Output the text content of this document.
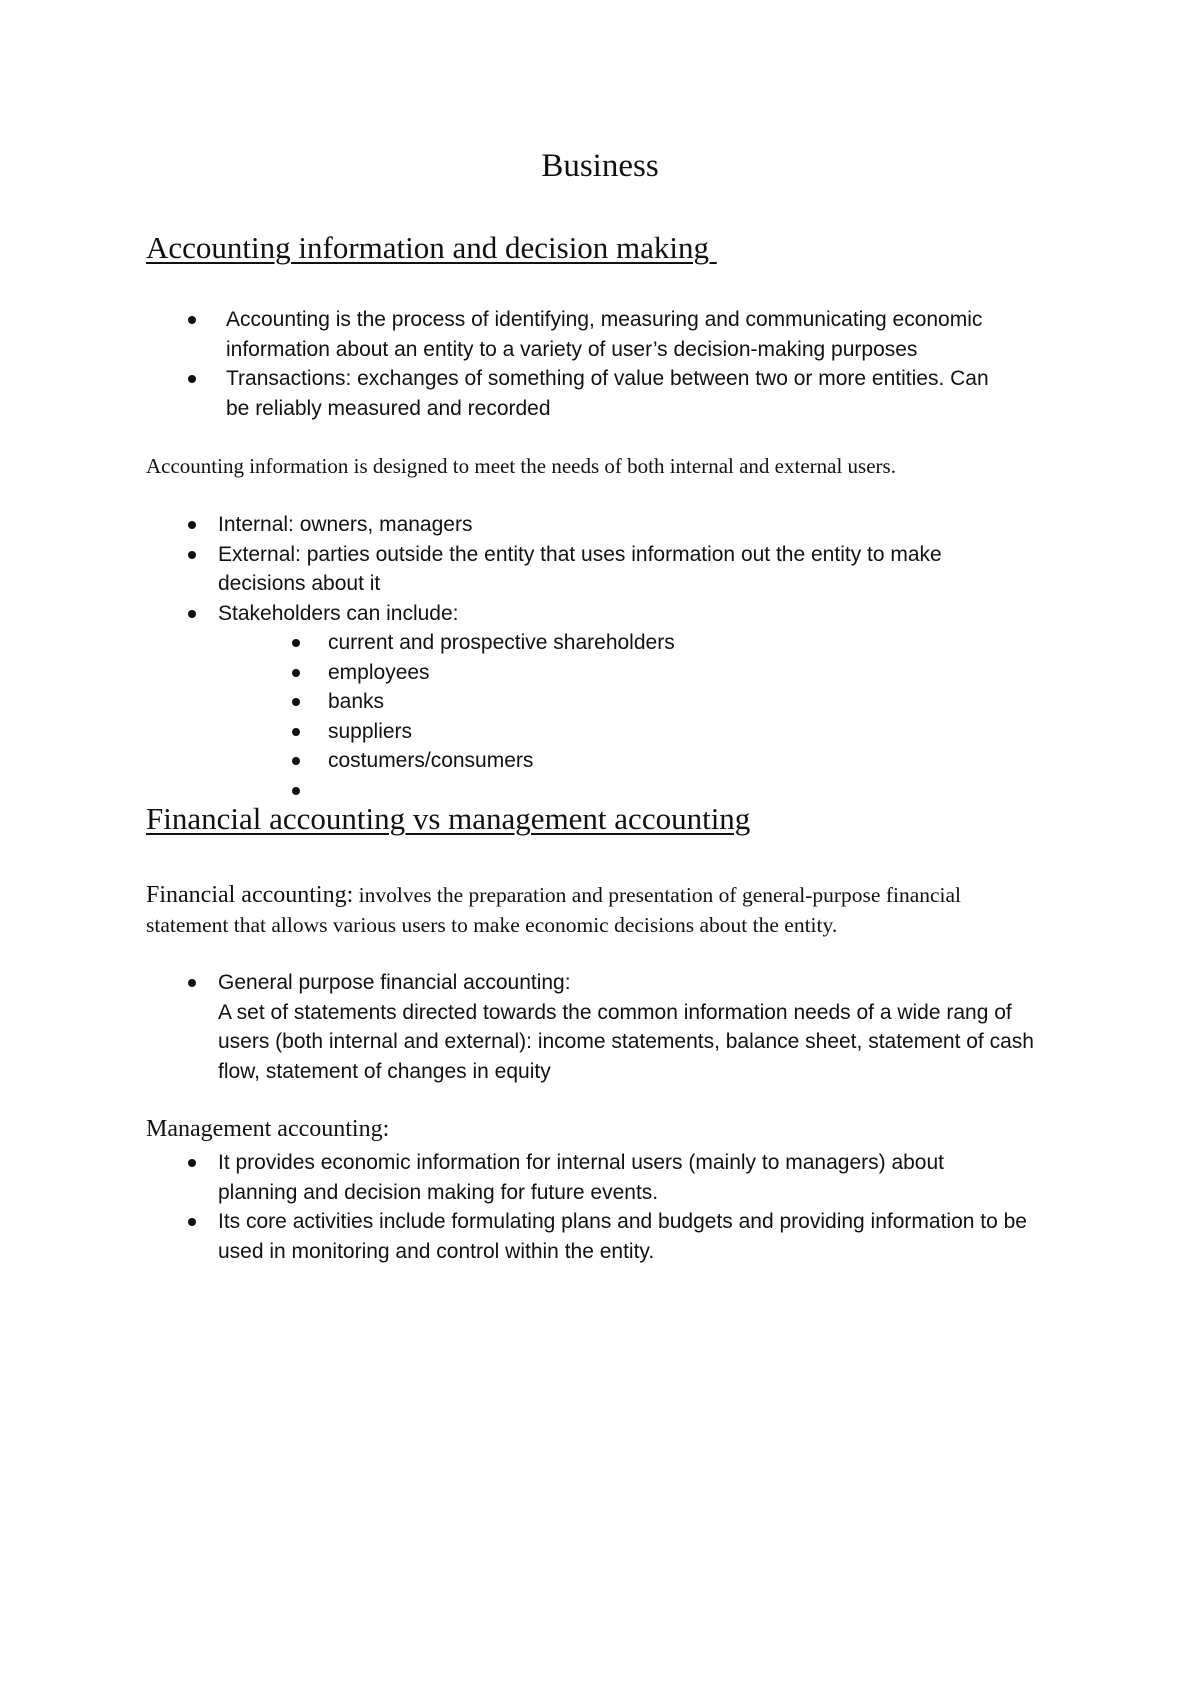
Business
Accounting information and decision making
Accounting is the process of identifying, measuring and communicating economic information about an entity to a variety of user’s decision-making purposes
Transactions: exchanges of something of value between two or more entities. Can be reliably measured and recorded

Accounting information is designed to meet the needs of both internal and external users.

Internal: owners, managers
External: parties outside the entity that uses information out the entity to make decisions about it
Stakeholders can include:
current and prospective shareholders
employees
banks
suppliers
costumers/consumers
Financial accounting vs management accounting

Financial accounting: involves the preparation and presentation of general-purpose financial statement that allows various users to make economic decisions about the entity.

General purpose financial accounting:
A set of statements directed towards the common information needs of a wide rang of users (both internal and external): income statements, balance sheet, statement of cash flow, statement of changes in equity

Management accounting:

It provides economic information for internal users (mainly to managers) about planning and decision making for future events.
Its core activities include formulating plans and budgets and providing information to be used in monitoring and control within the entity.
